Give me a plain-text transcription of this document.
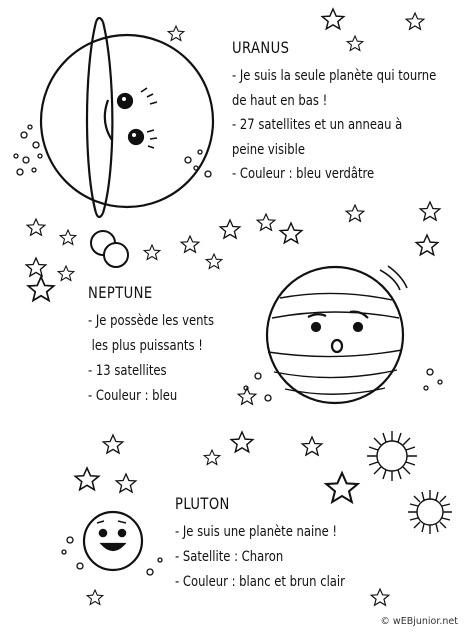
URANUS
- Je suis la seule planète qui tourne
de haut en bas !
- 27 satellites et un anneau à
peine visible
- Couleur : bleu verdâtre
NEPTUNE
- Je possède les vents
les plus puissants !
- 13 satellites
- Couleur : bleu
PLUTON
- Je suis une planète naine !
- Satellite : Charon
- Couleur : blanc et brun clair
© wEBjunior.net
